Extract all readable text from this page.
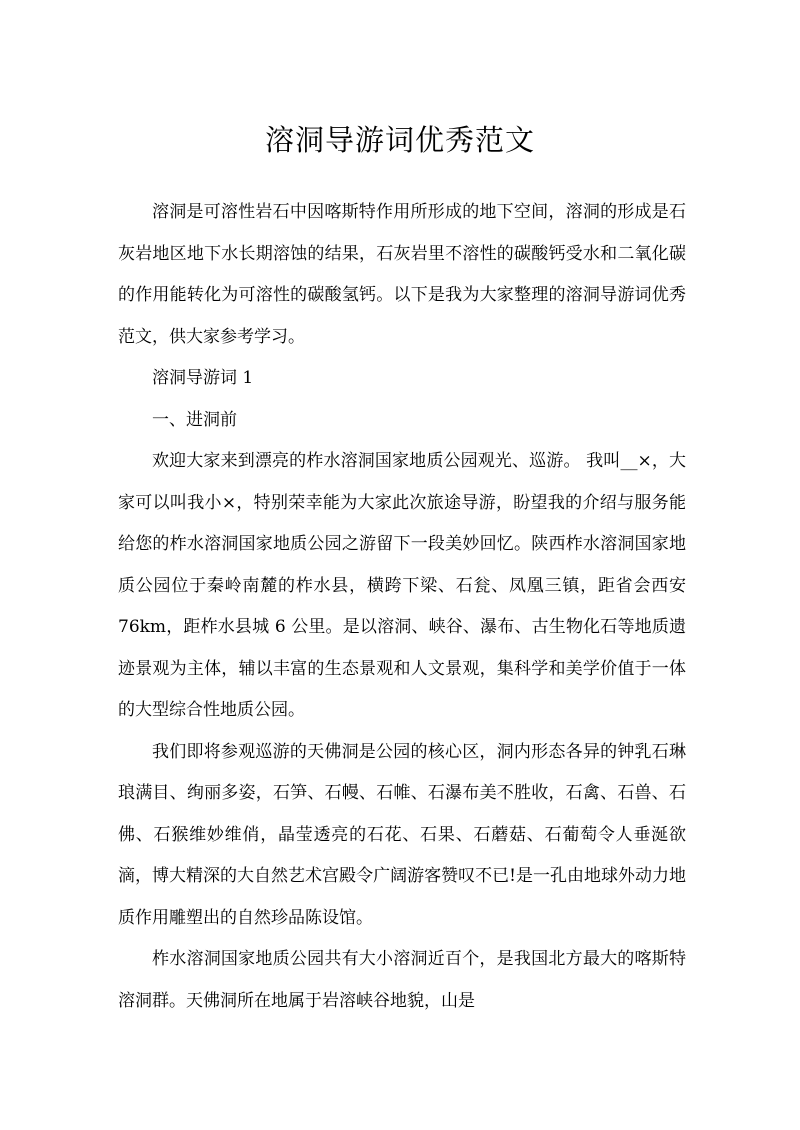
溶洞导游词优秀范文

溶洞是可溶性岩石中因喀斯特作用所形成的地下空间，溶洞的形成是石灰岩地区地下水长期溶蚀的结果，石灰岩里不溶性的碳酸钙受水和二氧化碳的作用能转化为可溶性的碳酸氢钙。以下是我为大家整理的溶洞导游词优秀范文，供大家参考学习。

溶洞导游词 1

一、进洞前

欢迎大家来到漂亮的柞水溶洞国家地质公园观光、巡游。 我叫__×，大家可以叫我小×，特别荣幸能为大家此次旅途导游，盼望我的介绍与服务能给您的柞水溶洞国家地质公园之游留下一段美妙回忆。陕西柞水溶洞国家地质公园位于秦岭南麓的柞水县，横跨下梁、石瓮、凤凰三镇，距省会西安 76km，距柞水县城 6 公里。是以溶洞、峡谷、瀑布、古生物化石等地质遗迹景观为主体，辅以丰富的生态景观和人文景观，集科学和美学价值于一体的大型综合性地质公园。

我们即将参观巡游的天佛洞是公园的核心区，洞内形态各异的钟乳石琳琅满目、绚丽多姿，石笋、石幔、石帷、石瀑布美不胜收，石禽、石兽、石佛、石猴维妙维俏，晶莹透亮的石花、石果、石蘑菇、石葡萄令人垂涎欲滴，博大精深的大自然艺术宫殿令广阔游客赞叹不已!是一孔由地球外动力地质作用雕塑出的自然珍品陈设馆。

柞水溶洞国家地质公园共有大小溶洞近百个，是我国北方最大的喀斯特溶洞群。天佛洞所在地属于岩溶峡谷地貌，山是
